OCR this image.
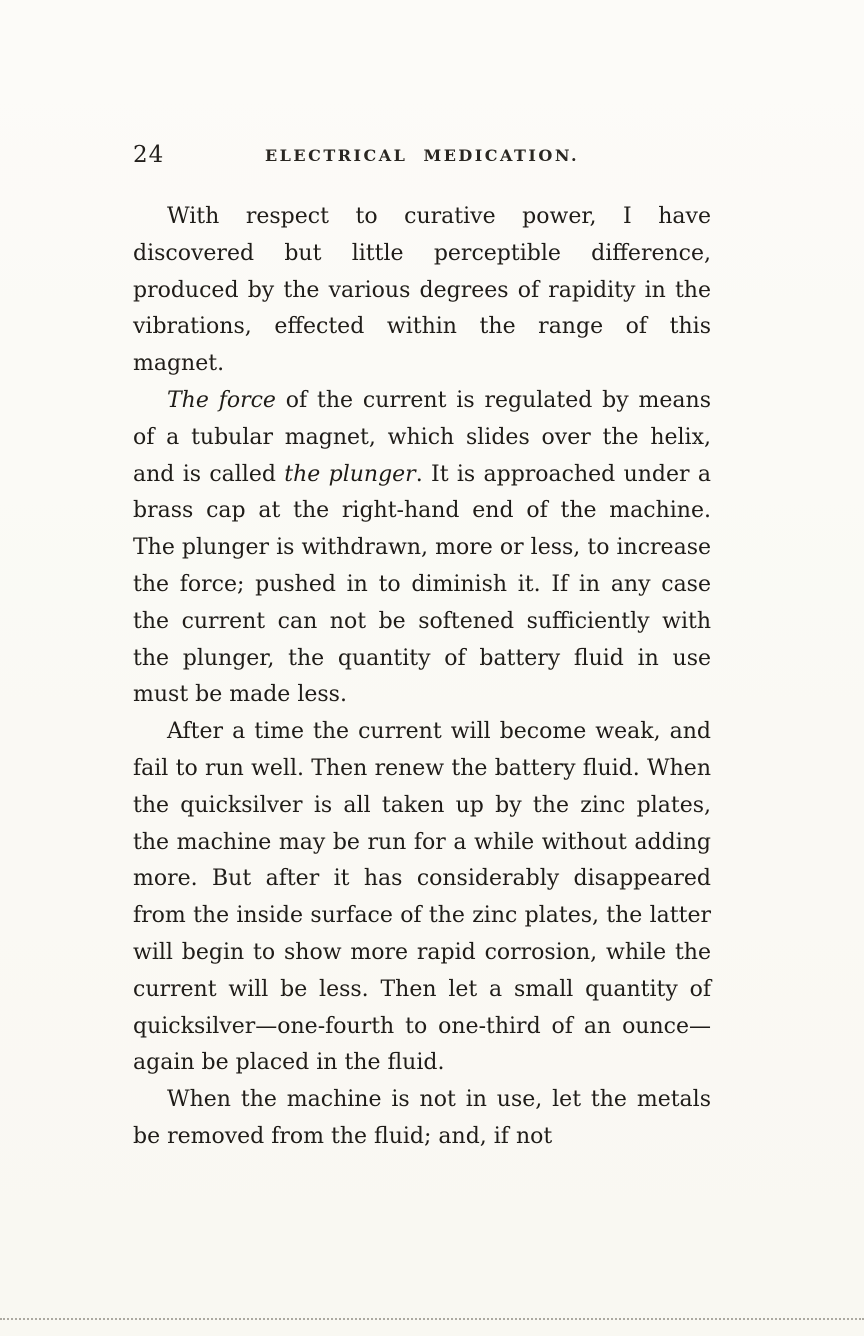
24	ELECTRICAL MEDICATION.

With respect to curative power, I have discovered but little perceptible difference, produced by the various degrees of rapidity in the vibrations, effected within the range of this magnet.

The force of the current is regulated by means of a tubular magnet, which slides over the helix, and is called the plunger. It is approached under a brass cap at the right-hand end of the machine. The plunger is withdrawn, more or less, to increase the force; pushed in to diminish it. If in any case the current can not be softened sufficiently with the plunger, the quantity of battery fluid in use must be made less.

After a time the current will become weak, and fail to run well. Then renew the battery fluid. When the quicksilver is all taken up by the zinc plates, the machine may be run for a while without adding more. But after it has considerably disappeared from the inside surface of the zinc plates, the latter will begin to show more rapid corrosion, while the current will be less. Then let a small quantity of quicksilver—one-fourth to one-third of an ounce—again be placed in the fluid.

When the machine is not in use, let the metals be removed from the fluid; and, if not
